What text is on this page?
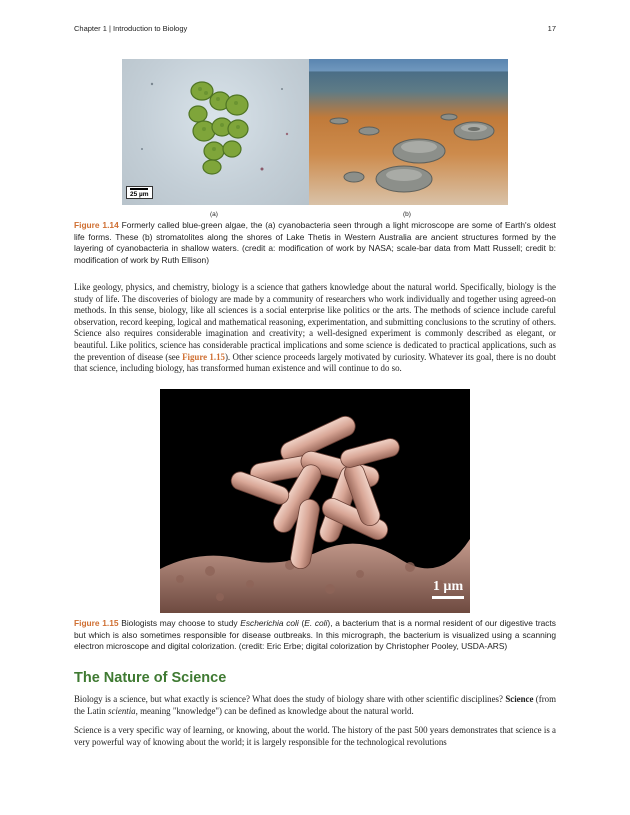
Chapter 1 | Introduction to Biology	17
25 µm
(a)	(b)
Figure 1.14 Formerly called blue-green algae, the (a) cyanobacteria seen through a light microscope are some of Earth's oldest life forms. These (b) stromatolites along the shores of Lake Thetis in Western Australia are ancient structures formed by the layering of cyanobacteria in shallow waters. (credit a: modification of work by NASA; scale-bar data from Matt Russell; credit b: modification of work by Ruth Ellison)

Like geology, physics, and chemistry, biology is a science that gathers knowledge about the natural world. Specifically, biology is the study of life. The discoveries of biology are made by a community of researchers who work individually and together using agreed-on methods. In this sense, biology, like all sciences is a social enterprise like politics or the arts. The methods of science include careful observation, record keeping, logical and mathematical reasoning, experimentation, and submitting conclusions to the scrutiny of others. Science also requires considerable imagination and creativity; a well-designed experiment is commonly described as elegant, or beautiful. Like politics, science has considerable practical implications and some science is dedicated to practical applications, such as the prevention of disease (see Figure 1.15). Other science proceeds largely motivated by curiosity. Whatever its goal, there is no doubt that science, including biology, has transformed human existence and will continue to do so.

1 µm
Figure 1.15 Biologists may choose to study Escherichia coli (E. coli), a bacterium that is a normal resident of our digestive tracts but which is also sometimes responsible for disease outbreaks. In this micrograph, the bacterium is visualized using a scanning electron microscope and digital colorization. (credit: Eric Erbe; digital colorization by Christopher Pooley, USDA-ARS)
The Nature of Science

Biology is a science, but what exactly is science? What does the study of biology share with other scientific disciplines? Science (from the Latin scientia, meaning "knowledge") can be defined as knowledge about the natural world.

Science is a very specific way of learning, or knowing, about the world. The history of the past 500 years demonstrates that science is a very powerful way of knowing about the world; it is largely responsible for the technological revolutions
